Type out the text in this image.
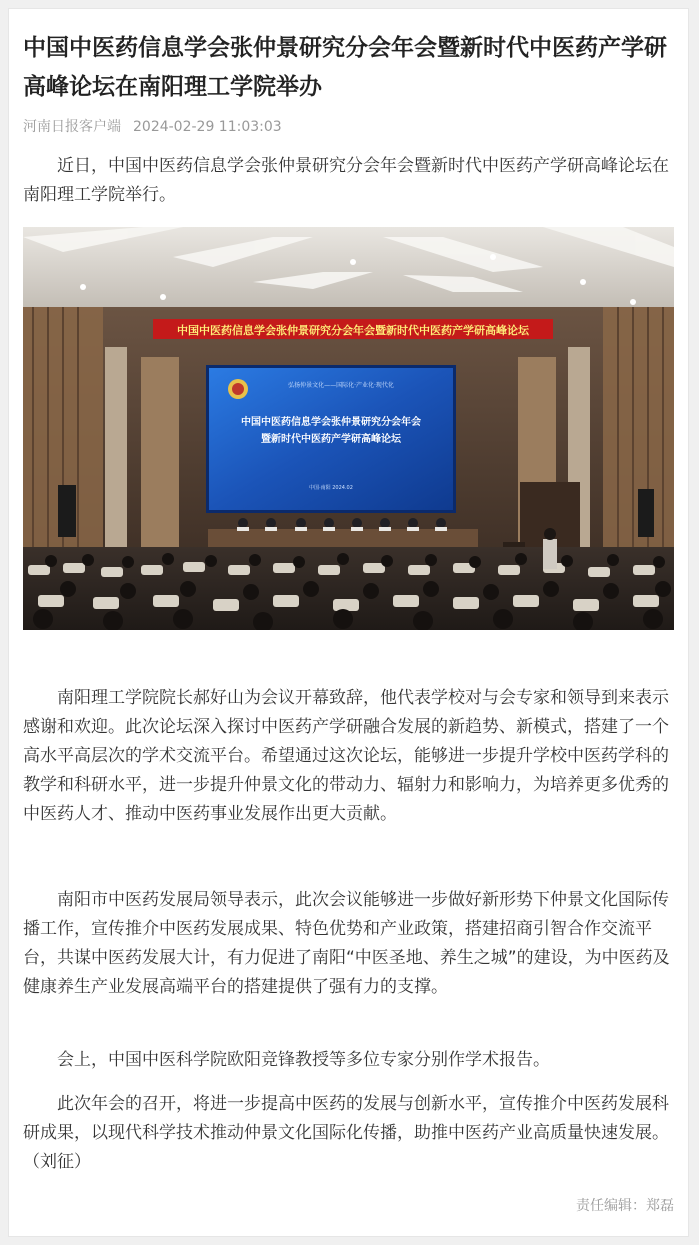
中国中医药信息学会张仲景研究分会年会暨新时代中医药产学研高峰论坛在南阳理工学院举办
河南日报客户端 2024-02-29 11:03:03

近日，中国中医药信息学会张仲景研究分会年会暨新时代中医药产学研高峰论坛在南阳理工学院举行。

中国中医药信息学会张仲景研究分会年会暨新时代中医药产学研高峰论坛
弘扬仲景文化——国际化·产业化·现代化
中国中医药信息学会张仲景研究分会年会
暨新时代中医药产学研高峰论坛
中国·南阳 2024.02

南阳理工学院院长郝好山为会议开幕致辞，他代表学校对与会专家和领导到来表示感谢和欢迎。此次论坛深入探讨中医药产学研融合发展的新趋势、新模式，搭建了一个高水平高层次的学术交流平台。希望通过这次论坛，能够进一步提升学校中医药学科的教学和科研水平，进一步提升仲景文化的带动力、辐射力和影响力，为培养更多优秀的中医药人才、推动中医药事业发展作出更大贡献。

南阳市中医药发展局领导表示，此次会议能够进一步做好新形势下仲景文化国际传播工作，宣传推介中医药发展成果、特色优势和产业政策，搭建招商引智合作交流平台，共谋中医药发展大计，有力促进了南阳“中医圣地、养生之城”的建设，为中医药及健康养生产业发展高端平台的搭建提供了强有力的支撑。

会上，中国中医科学院欧阳竞锋教授等多位专家分别作学术报告。

此次年会的召开，将进一步提高中医药的发展与创新水平，宣传推介中医药发展科研成果，以现代科学技术推动仲景文化国际化传播，助推中医药产业高质量快速发展。（刘征）

责任编辑：郑磊
